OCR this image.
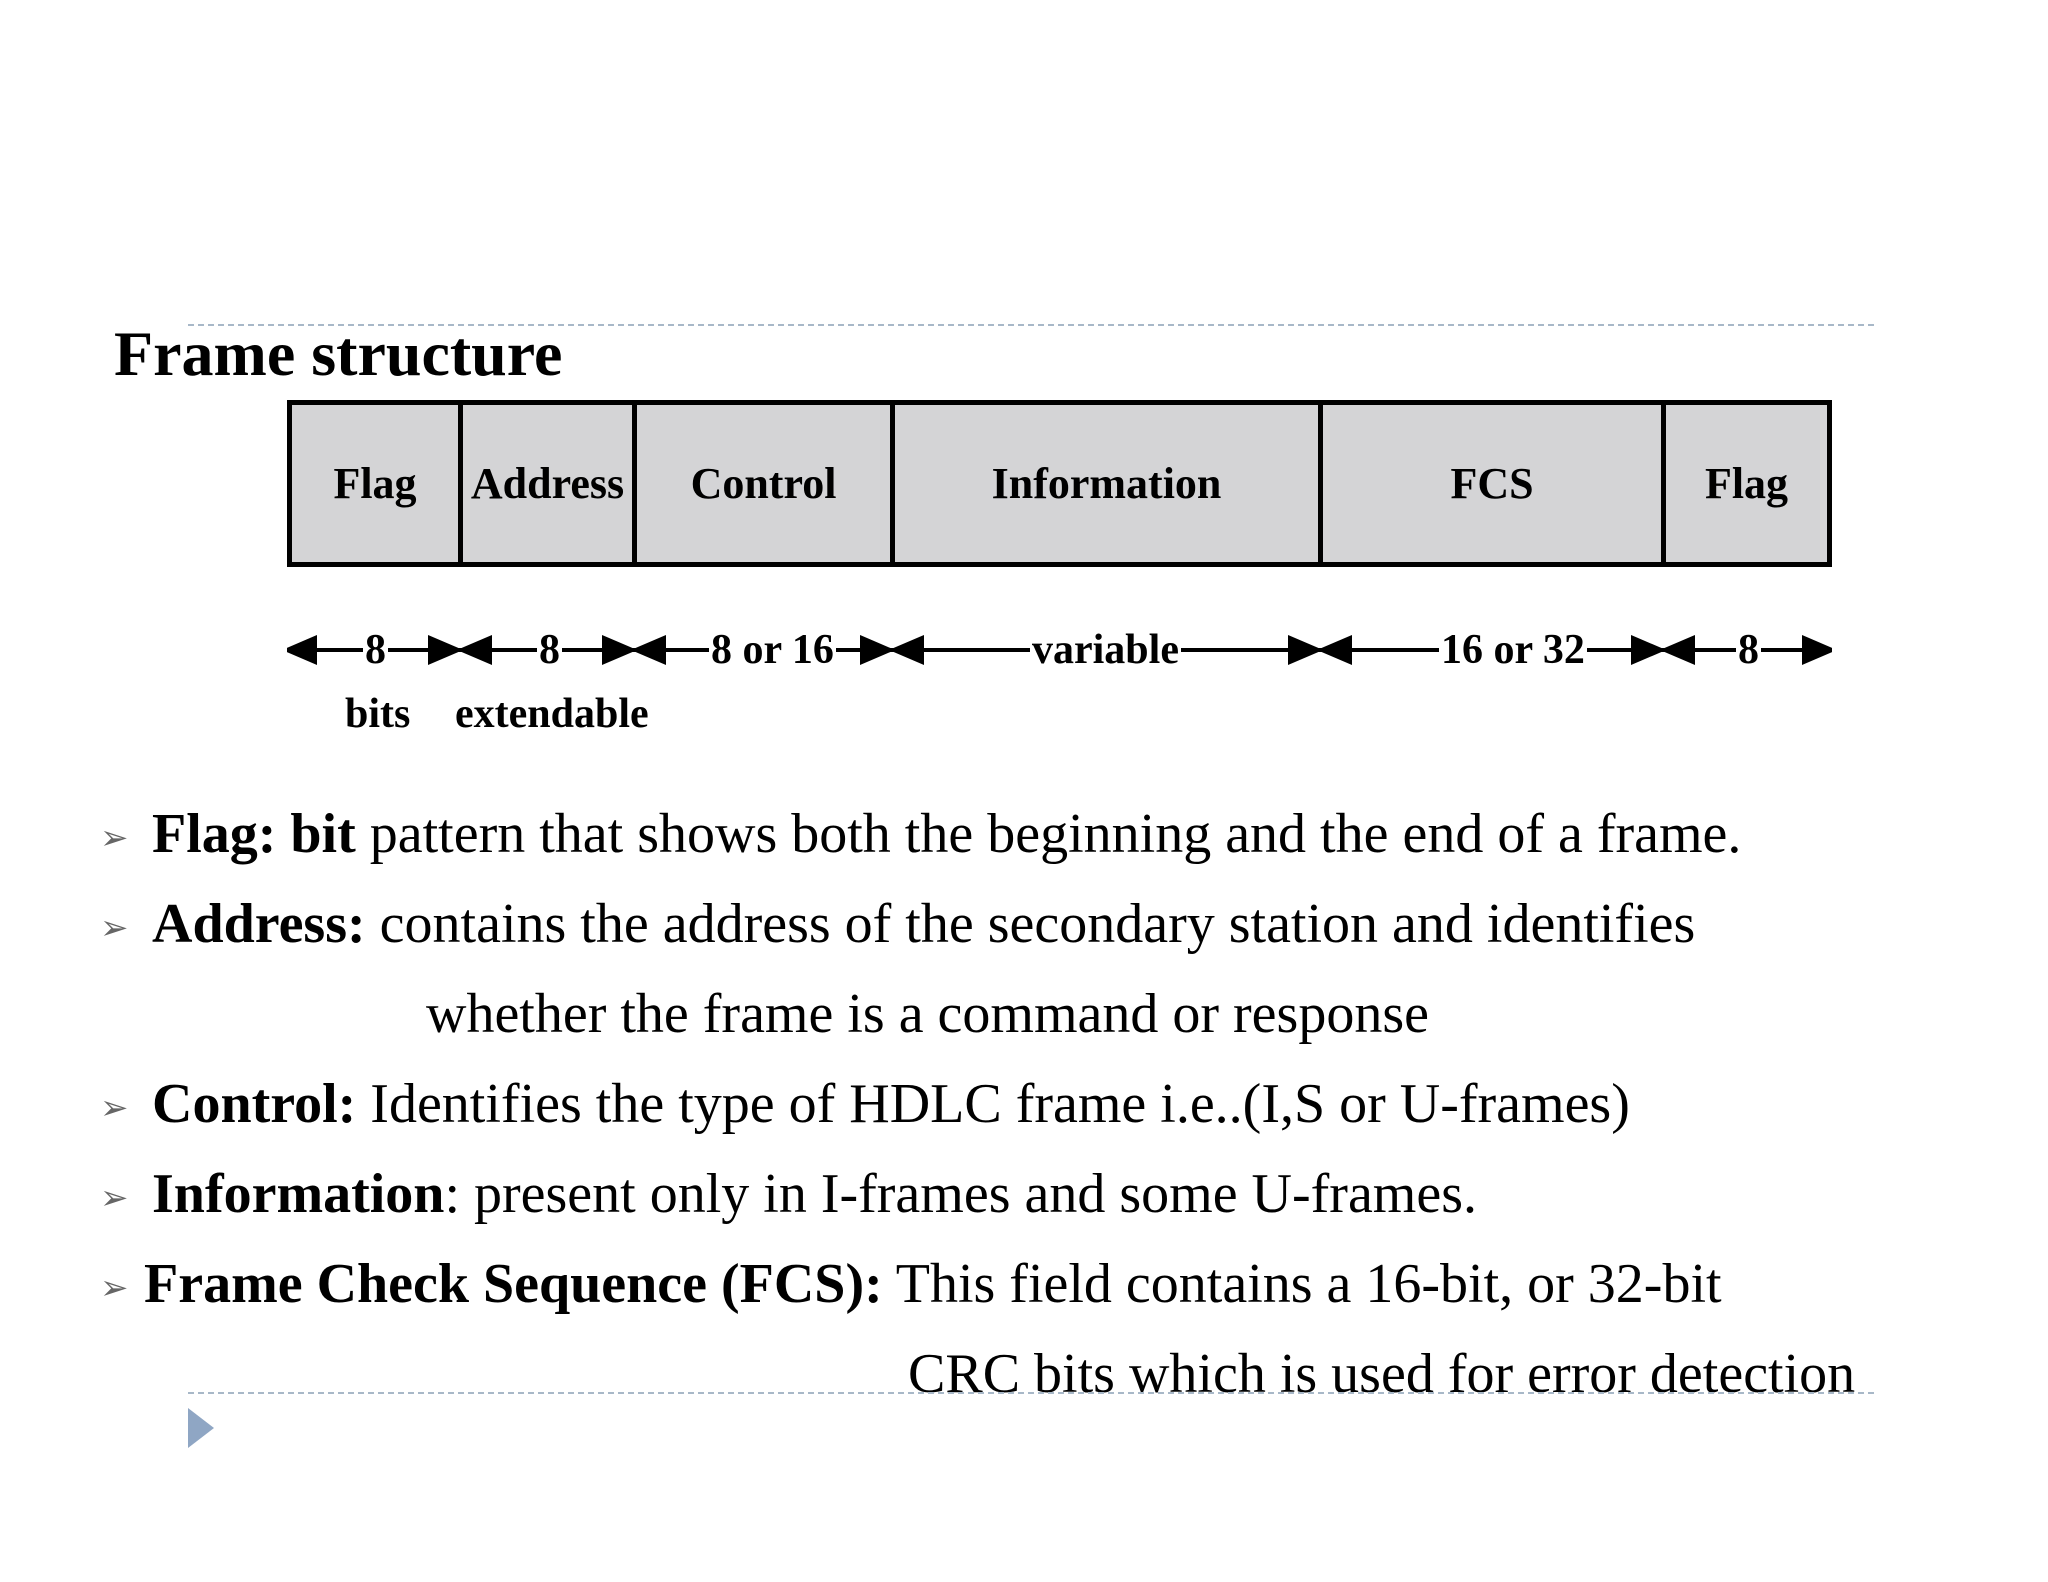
Frame structure
Flag	Address	Control	Information	FCS	Flag
8	8	8 or 16	variable	16 or 32	8
bits extendable
➢ Flag: bit pattern that shows both the beginning and the end of a frame.
➢ Address: contains the address of the secondary station and identifies
whether the frame is a command or response
➢ Control: Identifies the type of HDLC frame i.e..(I,S or U-frames)
➢ Information: present only in I-frames and some U-frames.
➢ Frame Check Sequence (FCS): This field contains a 16-bit, or 32-bit
CRC bits which is used for error detection
